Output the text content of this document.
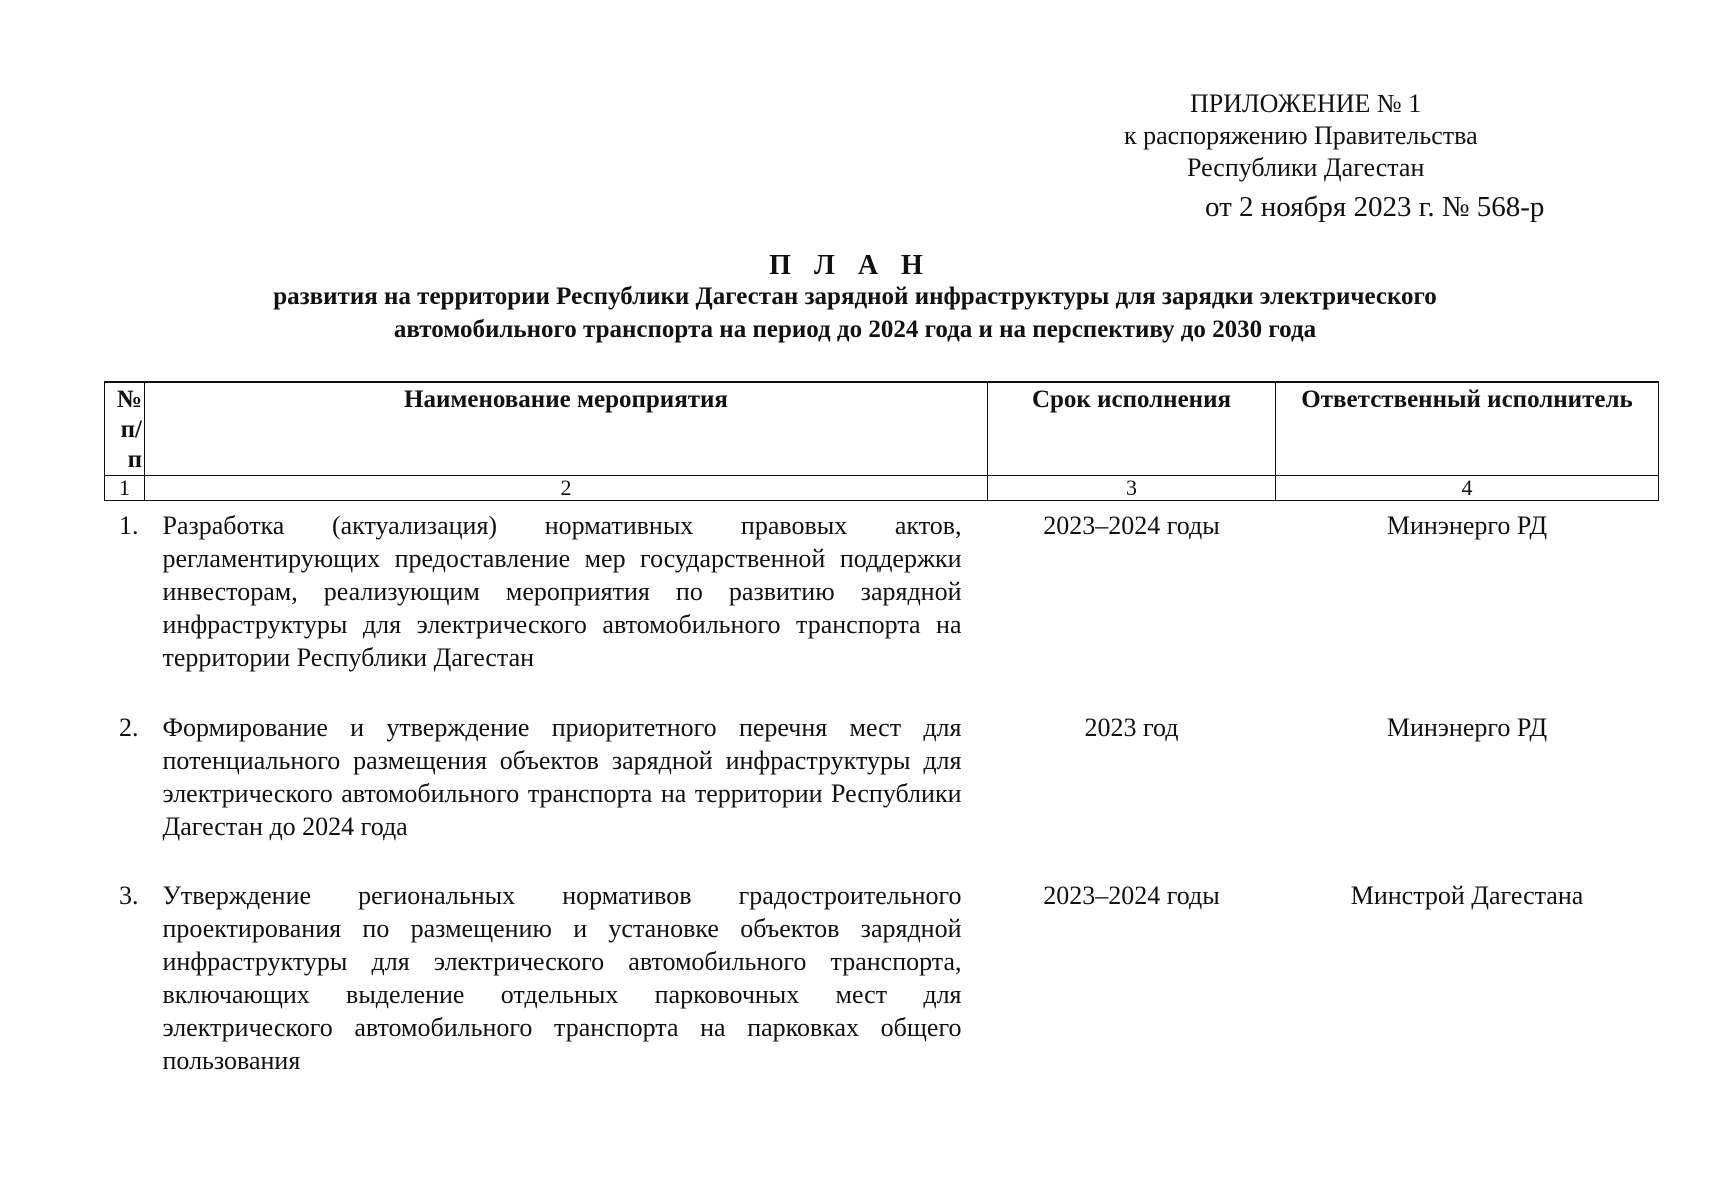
ПРИЛОЖЕНИЕ № 1
к распоряжению Правительства
Республики Дагестан
от 2 ноября 2023 г. № 568-р
П Л А Н
развития на территории Республики Дагестан зарядной инфраструктуры для зарядки электрического
автомобильного транспорта на период до 2024 года и на перспективу до 2030 года
№ п/п	Наименование мероприятия	Срок исполнения	Ответственный исполнитель
1	2	3	4
1.	Разработка (актуализация) нормативных правовых актов, регламентирующих предоставление мер государственной поддержки инвесторам, реализующим мероприятия по развитию зарядной инфраструктуры для электрического автомобильного транспорта на территории Республики Дагестан	2023–2024 годы	Минэнерго РД
2.	Формирование и утверждение приоритетного перечня мест для потенциального размещения объектов зарядной инфраструктуры для электрического автомобильного транспорта на территории Республики Дагестан до 2024 года	2023 год	Минэнерго РД
3.	Утверждение региональных нормативов градостроительного проектирования по размещению и установке объектов зарядной инфраструктуры для электрического автомобильного транспорта, включающих выделение отдельных парковочных мест для электрического автомобильного транспорта на парковках общего пользования	2023–2024 годы	Минстрой Дагестана
